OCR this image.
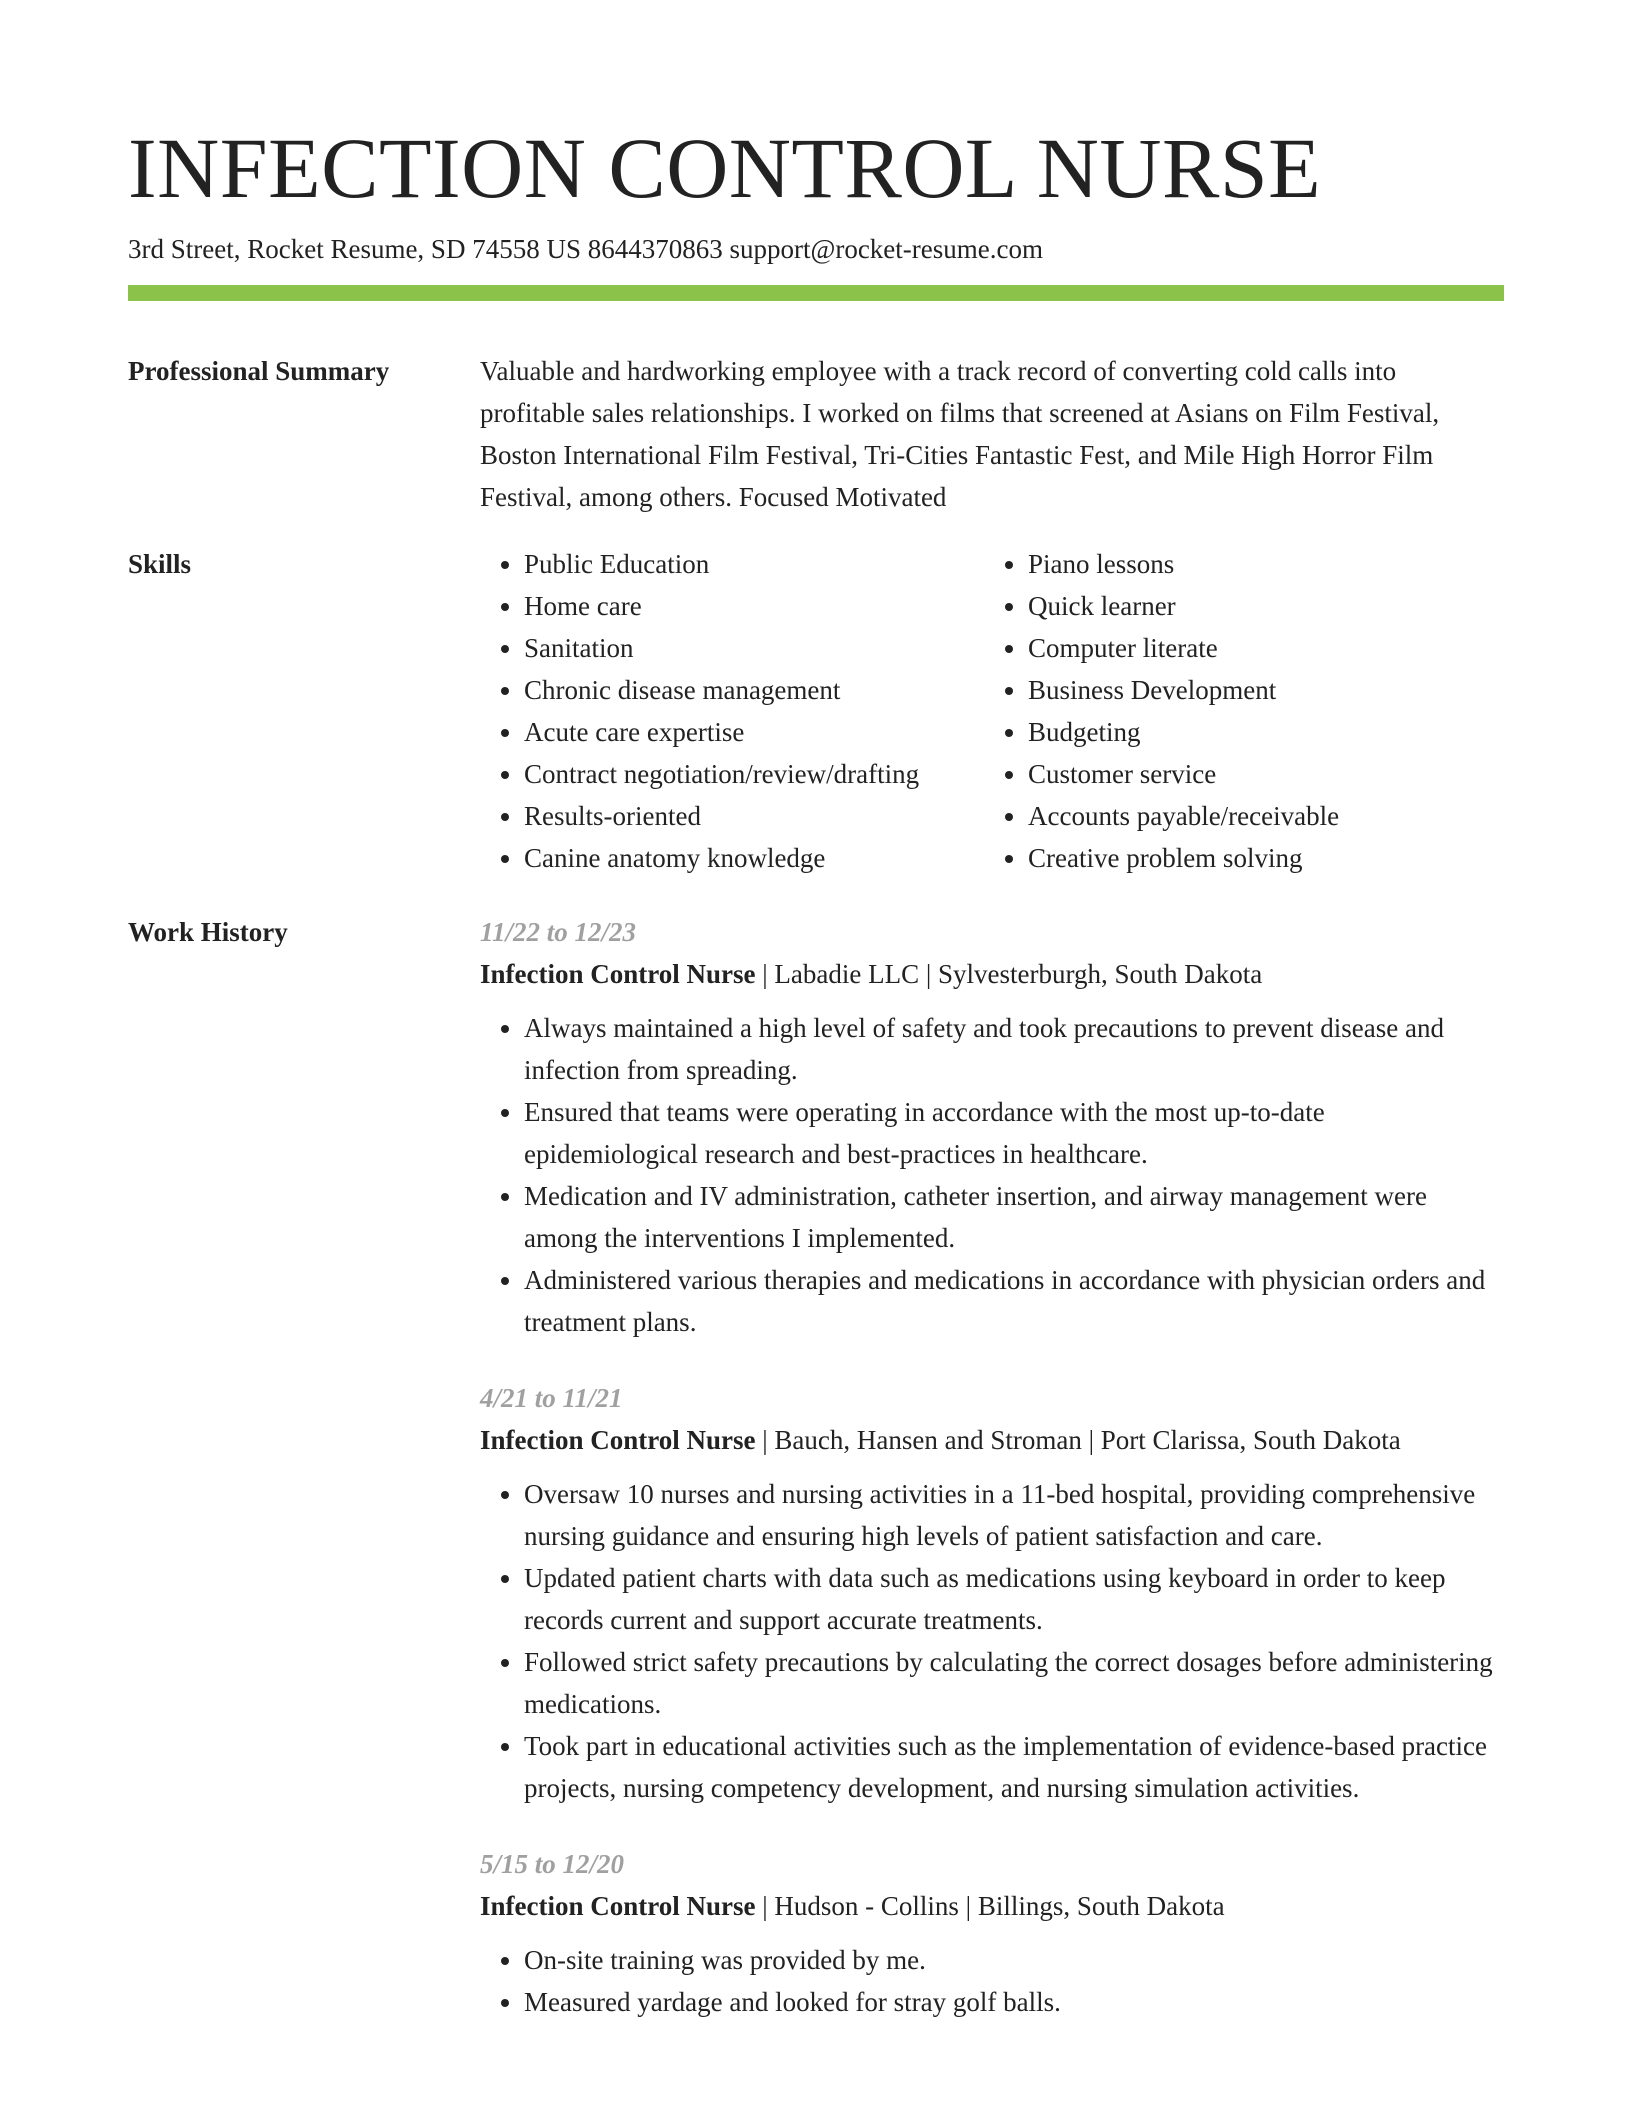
INFECTION CONTROL NURSE
3rd Street, Rocket Resume, SD 74558 US 8644370863 support@rocket-resume.com
Professional Summary	Valuable and hardworking employee with a track record of converting cold calls into profitable sales relationships. I worked on films that screened at Asians on Film Festival, Boston International Film Festival, Tri-Cities Fantastic Fest, and Mile High Horror Film Festival, among others. Focused Motivated

Skills
•	Public Education
• Home care
• Sanitation
• Chronic disease management
• Acute care expertise
• Contract negotiation/review/drafting
• Results-oriented
• Canine anatomy knowledge
• Piano lessons
• Quick learner
• Computer literate
• Business Development
• Budgeting
• Customer service
• Accounts payable/receivable
• Creative problem solving
Work History	11/22 to 12/23
Infection Control Nurse | Labadie LLC | Sylvesterburgh, South Dakota
• Always maintained a high level of safety and took precautions to prevent disease and infection from spreading.
• Ensured that teams were operating in accordance with the most up-to-date epidemiological research and best-practices in healthcare.
• Medication and IV administration, catheter insertion, and airway management were among the interventions I implemented.
• Administered various therapies and medications in accordance with physician orders and treatment plans.
4/21 to 11/21
Infection Control Nurse | Bauch, Hansen and Stroman | Port Clarissa, South Dakota
• Oversaw 10 nurses and nursing activities in a 11-bed hospital, providing comprehensive nursing guidance and ensuring high levels of patient satisfaction and care.
• Updated patient charts with data such as medications using keyboard in order to keep records current and support accurate treatments.
• Followed strict safety precautions by calculating the correct dosages before administering medications.
• Took part in educational activities such as the implementation of evidence-based practice projects, nursing competency development, and nursing simulation activities.
5/15 to 12/20
Infection Control Nurse | Hudson - Collins | Billings, South Dakota
• On-site training was provided by me.
• Measured yardage and looked for stray golf balls.
